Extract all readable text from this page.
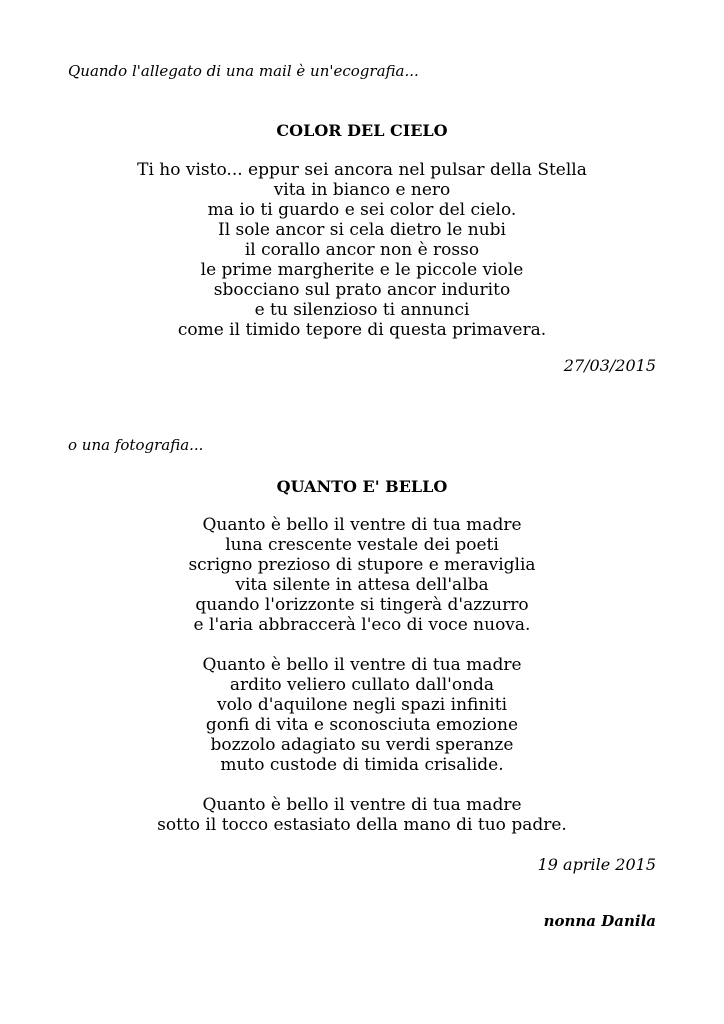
Quando l'allegato di una mail è un'ecografia...
COLOR DEL CIELO
Ti ho visto... eppur sei ancora nel pulsar della Stella
vita in bianco e nero
ma io ti guardo e sei color del cielo.
Il sole ancor si cela dietro le nubi
il corallo ancor non è rosso
le prime margherite e le piccole viole
sbocciano sul prato ancor indurito
e tu silenzioso ti annunci
come il timido tepore di questa primavera.
27/03/2015
o una fotografia...
QUANTO E' BELLO
Quanto è bello il ventre di tua madre
luna crescente vestale dei poeti
scrigno prezioso di stupore e meraviglia
vita silente in attesa dell'alba
quando l'orizzonte si tingerà d'azzurro
e l'aria abbraccerà l'eco di voce nuova.
Quanto è bello il ventre di tua madre
ardito veliero cullato dall'onda
volo d'aquilone negli spazi infiniti
gonfi di vita e sconosciuta emozione
bozzolo adagiato su verdi speranze
muto custode di timida crisalide.
Quanto è bello il ventre di tua madre
sotto il tocco estasiato della mano di tuo padre.
19 aprile 2015
nonna Danila
